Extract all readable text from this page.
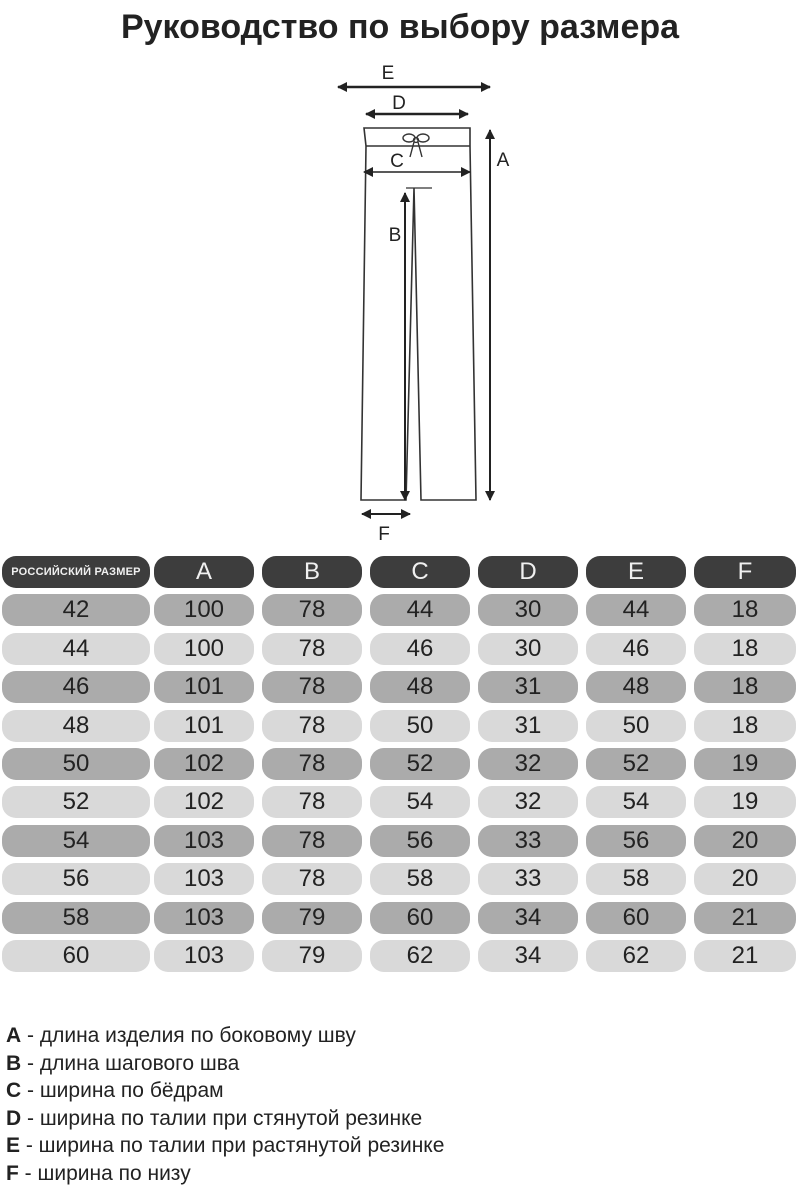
Руководство по выбору размера
E
D
C	A
B
F
РОССИЙСКИЙ РАЗМЕР	A	B	C	D	E	F
42	100	78	44	30	44	18
44	100	78	46	30	46	18
46	101	78	48	31	48	18
48	101	78	50	31	50	18
50	102	78	52	32	52	19
52	102	78	54	32	54	19
54	103	78	56	33	56	20
56	103	78	58	33	58	20
58	103	79	60	34	60	21
60	103	79	62	34	62	21
A - длина изделия по боковому шву
B - длина шагового шва
C - ширина по бёдрам
D - ширина по талии при стянутой резинке
E - ширина по талии при растянутой резинке
F - ширина по низу
